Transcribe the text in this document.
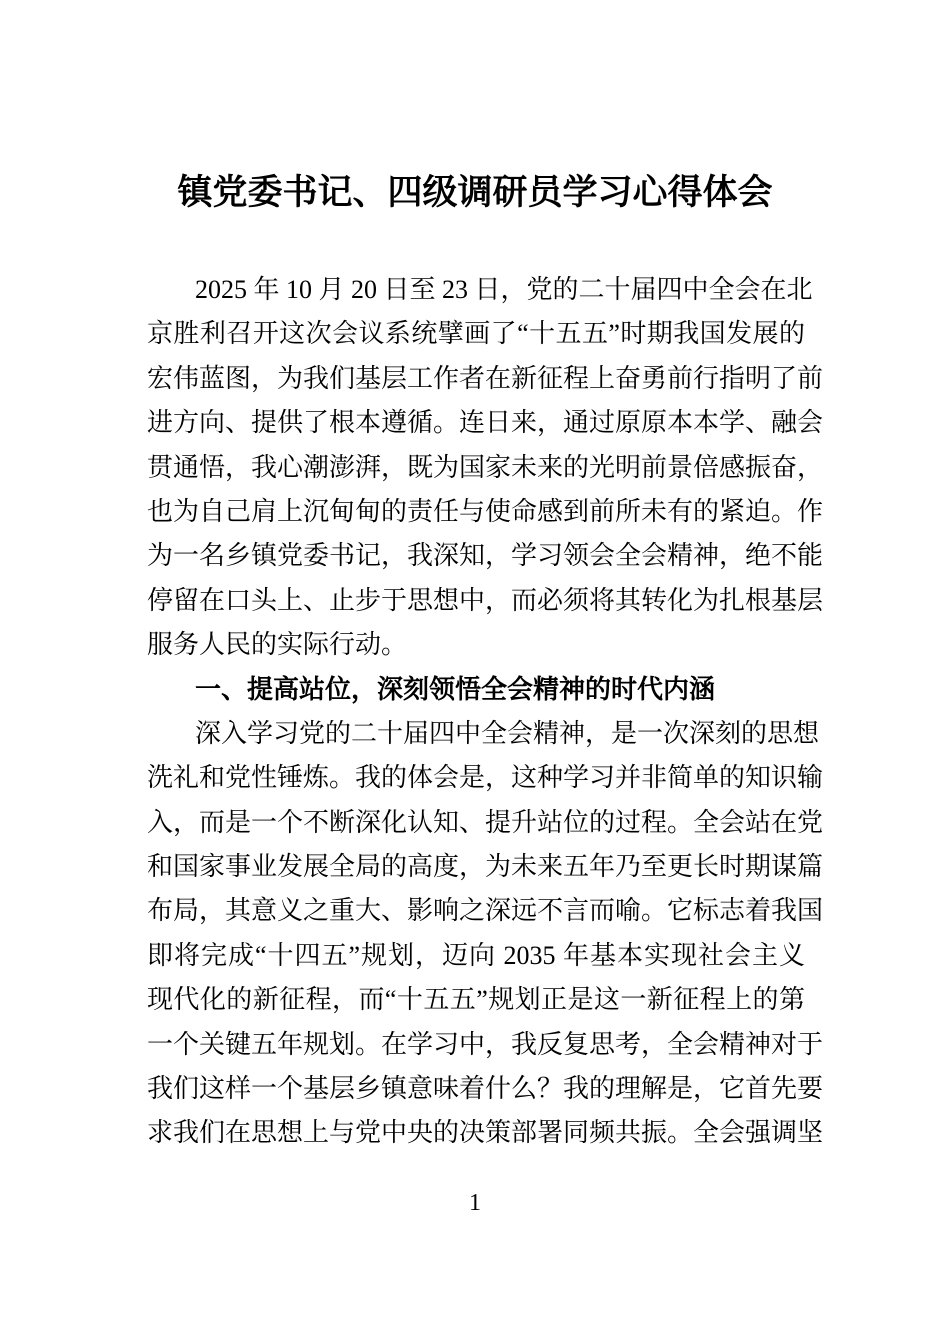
镇党委书记、四级调研员学习心得体会
2025 年 10 月 20 日至 23 日，党的二十届四中全会在北
京胜利召开这次会议系统擘画了“十五五”时期我国发展的
宏伟蓝图，为我们基层工作者在新征程上奋勇前行指明了前
进方向、提供了根本遵循。连日来，通过原原本本学、融会
贯通悟，我心潮澎湃，既为国家未来的光明前景倍感振奋，
也为自己肩上沉甸甸的责任与使命感到前所未有的紧迫。作
为一名乡镇党委书记，我深知，学习领会全会精神，绝不能
停留在口头上、止步于思想中，而必须将其转化为扎根基层
服务人民的实际行动。
一、提高站位，深刻领悟全会精神的时代内涵
深入学习党的二十届四中全会精神，是一次深刻的思想
洗礼和党性锤炼。我的体会是，这种学习并非简单的知识输
入，而是一个不断深化认知、提升站位的过程。全会站在党
和国家事业发展全局的高度，为未来五年乃至更长时期谋篇
布局，其意义之重大、影响之深远不言而喻。它标志着我国
即将完成“十四五”规划，迈向 2035 年基本实现社会主义
现代化的新征程，而“十五五”规划正是这一新征程上的第
一个关键五年规划。在学习中，我反复思考，全会精神对于
我们这样一个基层乡镇意味着什么？我的理解是，它首先要
求我们在思想上与党中央的决策部署同频共振。全会强调坚
1
